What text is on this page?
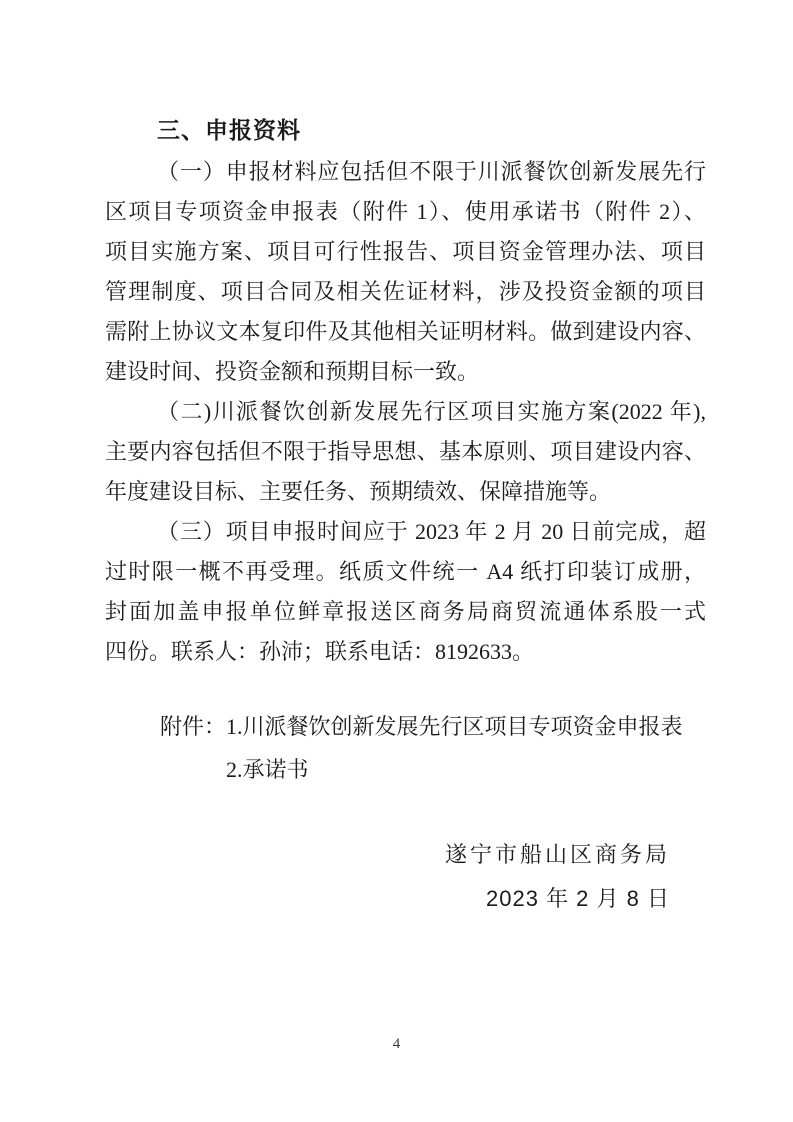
三、申报资料
（一）申报材料应包括但不限于川派餐饮创新发展先行
区项目专项资金申报表（附件 1）、使用承诺书（附件 2）、
项目实施方案、项目可行性报告、项目资金管理办法、项目
管理制度、项目合同及相关佐证材料，涉及投资金额的项目
需附上协议文本复印件及其他相关证明材料。做到建设内容、
建设时间、投资金额和预期目标一致。
（二)川派餐饮创新发展先行区项目实施方案(2022 年),
主要内容包括但不限于指导思想、基本原则、项目建设内容、
年度建设目标、主要任务、预期绩效、保障措施等。
（三）项目申报时间应于 2023 年 2 月 20 日前完成，超
过时限一概不再受理。纸质文件统一 A4 纸打印装订成册，
封面加盖申报单位鲜章报送区商务局商贸流通体系股一式
四份。联系人：孙沛；联系电话：8192633。
附件： 1.川派餐饮创新发展先行区项目专项资金申报表
2.承诺书
遂宁市船山区商务局
2023 年 2 月 8 日
4
